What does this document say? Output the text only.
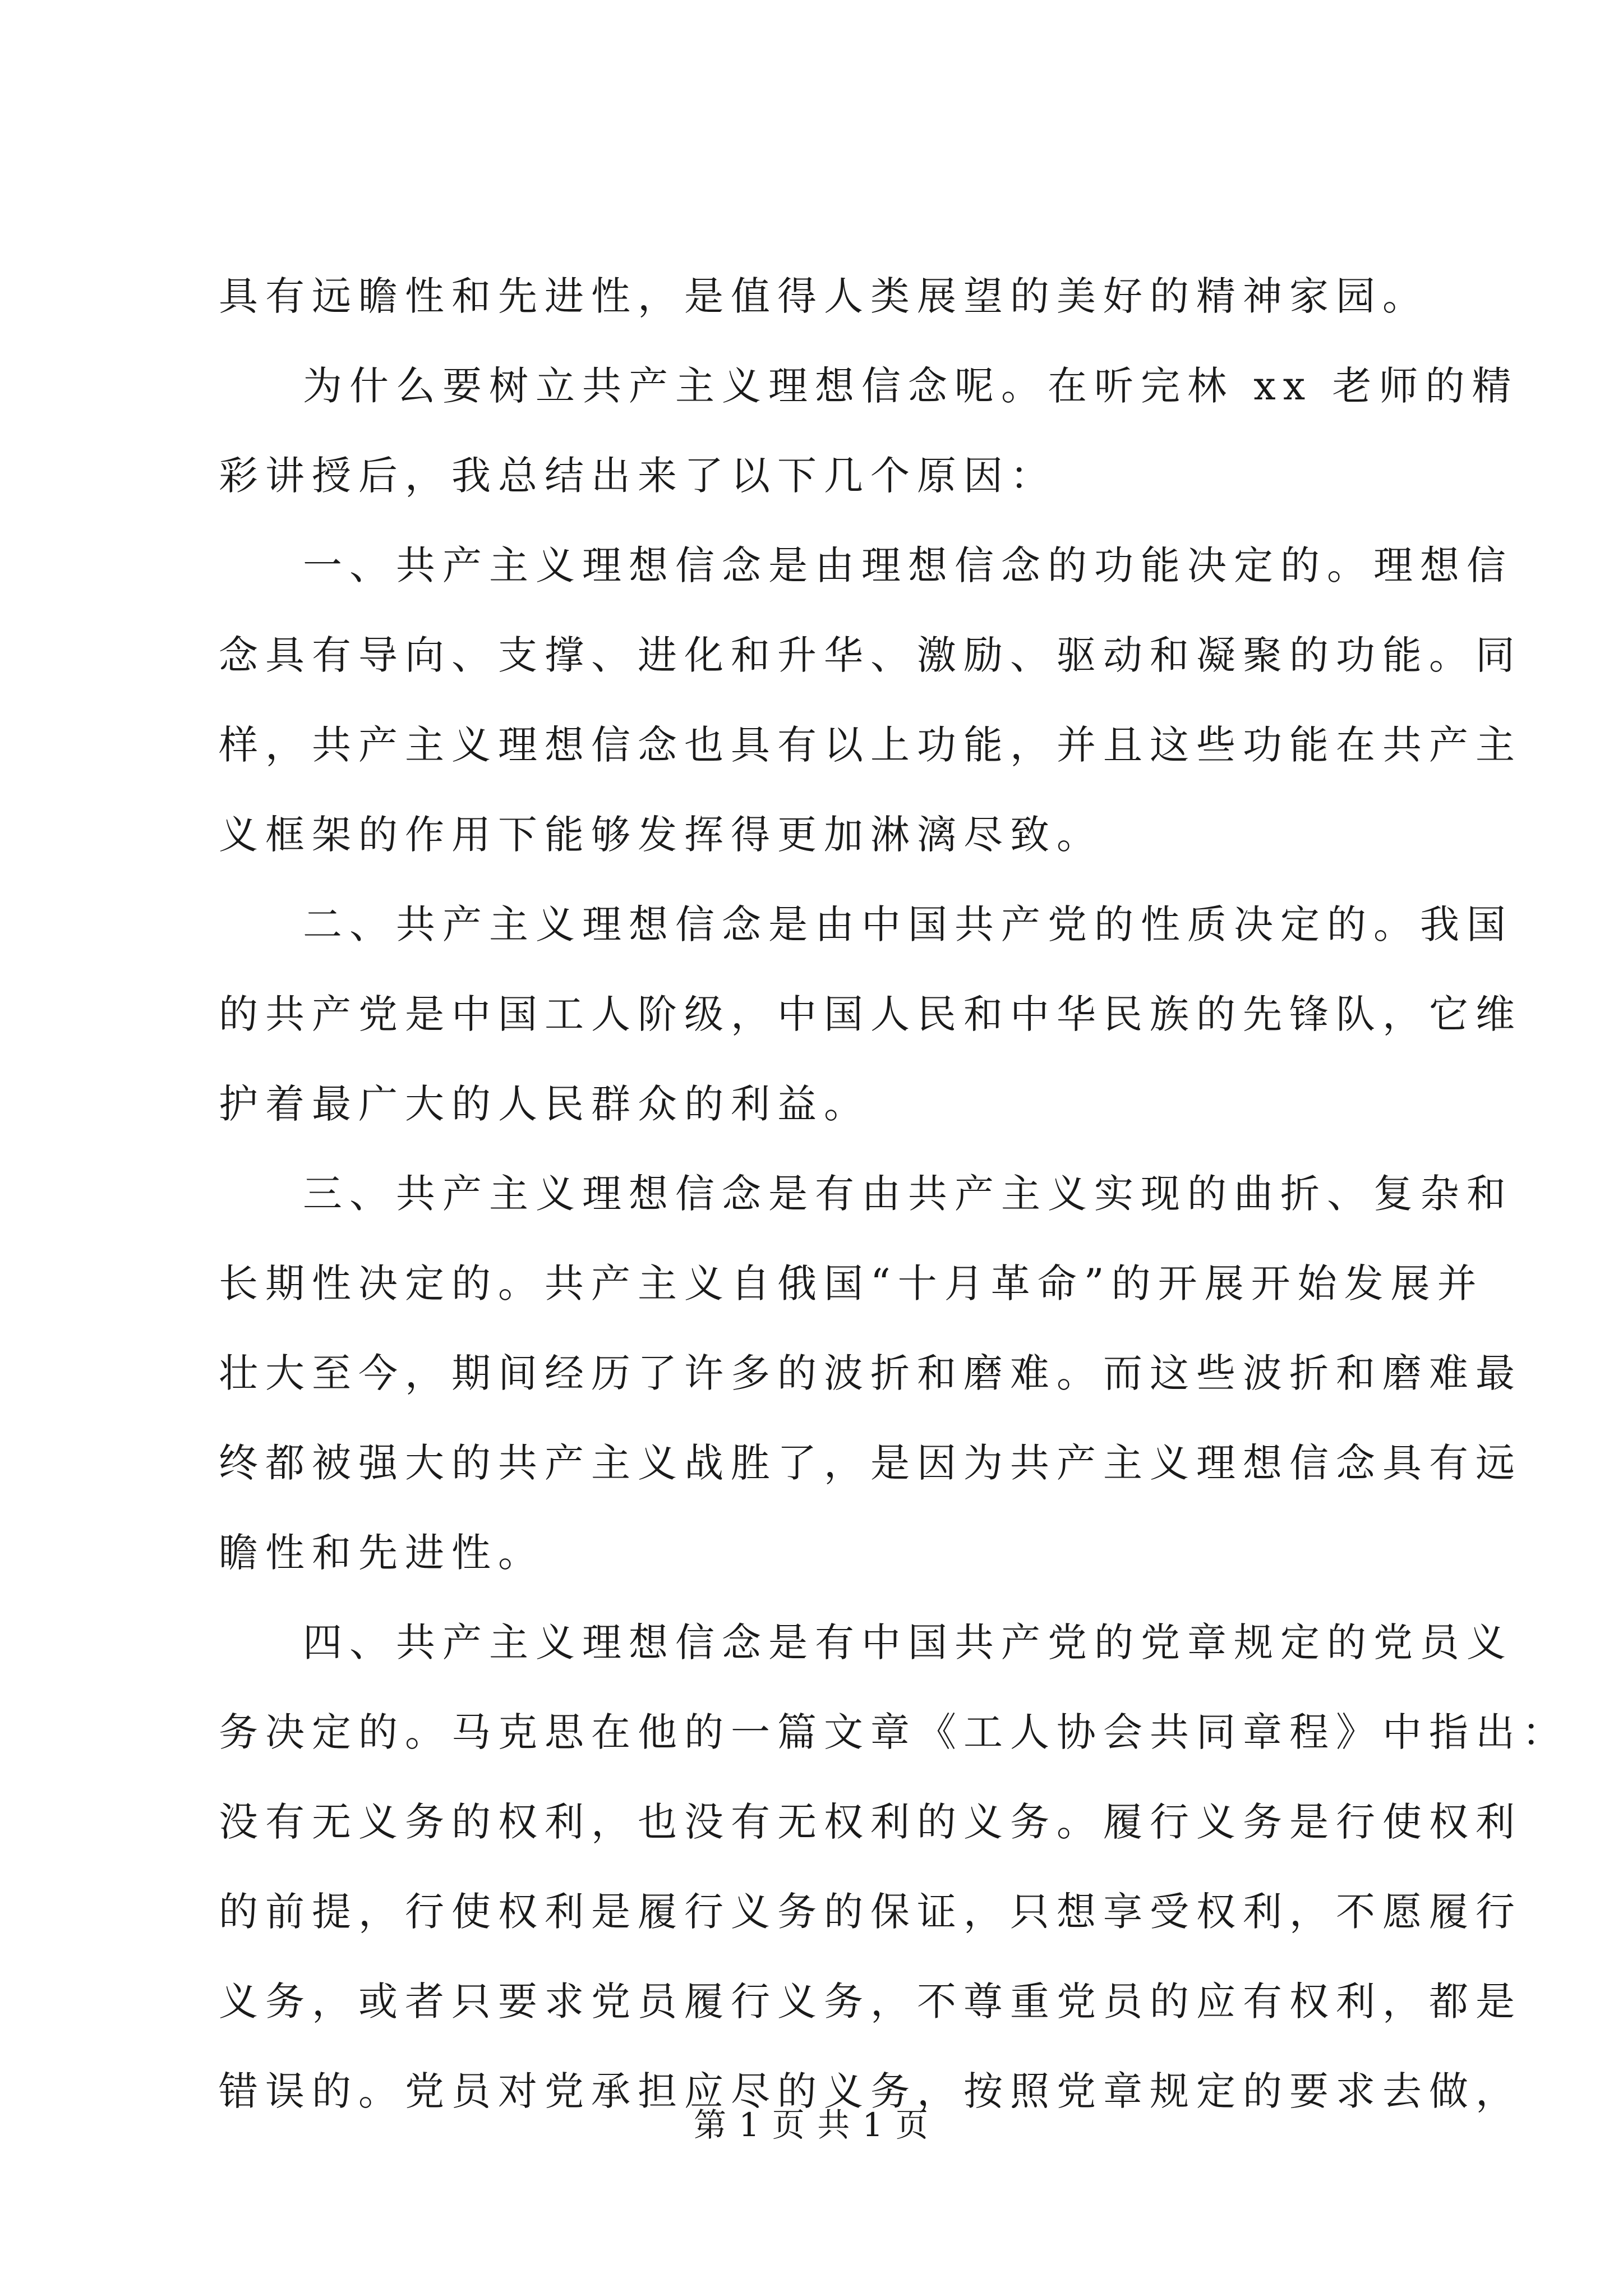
具有远瞻性和先进性，是值得人类展望的美好的精神家园。
为什么要树立共产主义理想信念呢。在听完林 xx 老师的精
彩讲授后，我总结出来了以下几个原因：
一、共产主义理想信念是由理想信念的功能决定的。理想信
念具有导向、支撑、进化和升华、激励、驱动和凝聚的功能。同
样，共产主义理想信念也具有以上功能，并且这些功能在共产主
义框架的作用下能够发挥得更加淋漓尽致。
二、共产主义理想信念是由中国共产党的性质决定的。我国
的共产党是中国工人阶级，中国人民和中华民族的先锋队，它维
护着最广大的人民群众的利益。
三、共产主义理想信念是有由共产主义实现的曲折、复杂和
长期性决定的。共产主义自俄国“十月革命”的开展开始发展并
壮大至今，期间经历了许多的波折和磨难。而这些波折和磨难最
终都被强大的共产主义战胜了，是因为共产主义理想信念具有远
瞻性和先进性。
四、共产主义理想信念是有中国共产党的党章规定的党员义
务决定的。马克思在他的一篇文章《工人协会共同章程》中指出：
没有无义务的权利，也没有无权利的义务。履行义务是行使权利
的前提，行使权利是履行义务的保证，只想享受权利，不愿履行
义务，或者只要求党员履行义务，不尊重党员的应有权利，都是
错误的。党员对党承担应尽的义务，按照党章规定的要求去做，
第 1 页 共 1 页
